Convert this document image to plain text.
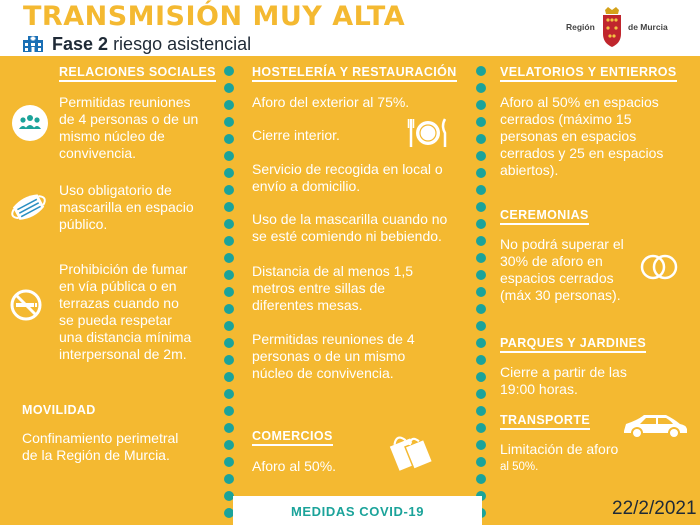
TRANSMISIÓN MUY ALTA
Fase 2 riesgo asistencial
Región	de Murcia
RELACIONES SOCIALES
Permitidas reuniones
de 4 personas o de un
mismo núcleo de
convivencia.
Uso obligatorio de
mascarilla en espacio
público.
Prohibición de fumar
en vía pública o en
terrazas cuando no
se pueda respetar
una distancia mínima
interpersonal de 2m.
MOVILIDAD
Confinamiento perimetral
de la Región de Murcia.
HOSTELERÍA Y RESTAURACIÓN
Aforo del exterior al 75%.
Cierre interior.
Servicio de recogida en local o
envío a domicilio.
Uso de la mascarilla cuando no
se esté comiendo ni bebiendo.
Distancia de al menos 1,5
metros entre sillas de
diferentes mesas.
Permitidas reuniones de 4
personas o de un mismo
núcleo de convivencia.
COMERCIOS
Aforo al 50%.
VELATORIOS Y ENTIERROS
Aforo al 50% en espacios
cerrados (máximo 15
personas en espacios
cerrados y 25 en espacios
abiertos).
CEREMONIAS
No podrá superar el
30% de aforo en
espacios cerrados
(máx 30 personas).
PARQUES Y JARDINES
Cierre a partir de las
19:00 horas.
TRANSPORTE
Limitación de aforo
al 50%.
MEDIDAS COVID-19	22/2/2021
